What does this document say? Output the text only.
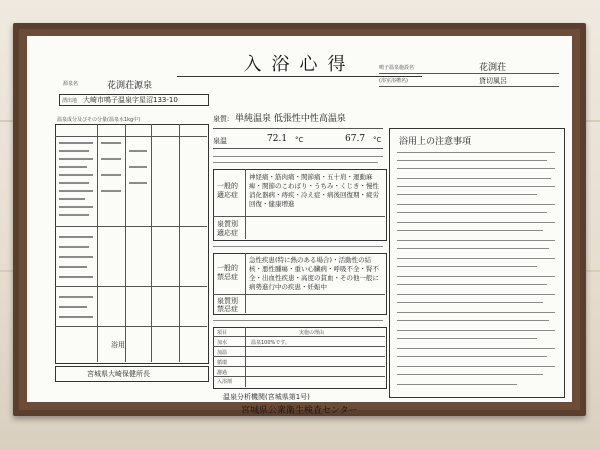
入浴心得	鳴子温泉施設名	花渕荘
(浴室浴槽名)	貸切風呂
源泉名	花渕荘源泉
湧出地 大崎市鳴子温泉字星沼133-10
温泉成分及びその分量(温泉水1kg中)
浴用
宮城県大崎保健所長
泉質: 単純温泉 低張性中性高温泉
泉温	72.1 °C	67.7 °C
一般的適応症
神経痛・筋肉痛・関節痛・五十肩・運動麻痺・関節のこわばり・うちみ・くじき・慢性消化器病・痔疾・冷え症・病後回復期・疲労回復・健康増進
泉質別適応症
一般的禁忌症
急性疾患(特に熱のある場合)・活動性の結核・悪性腫瘍・重い心臓病・呼吸不全・腎不全・出血性疾患・高度の貧血・その他一般に病勢進行中の疾患・妊娠中
泉質別禁忌症
項目	実施の理由
加水	温泉100%です。
加温
循環
濾過
入浴剤
温泉分析機関(宮城県第1号)
宮城県公衆衛生検査センター
浴用上の注意事項
